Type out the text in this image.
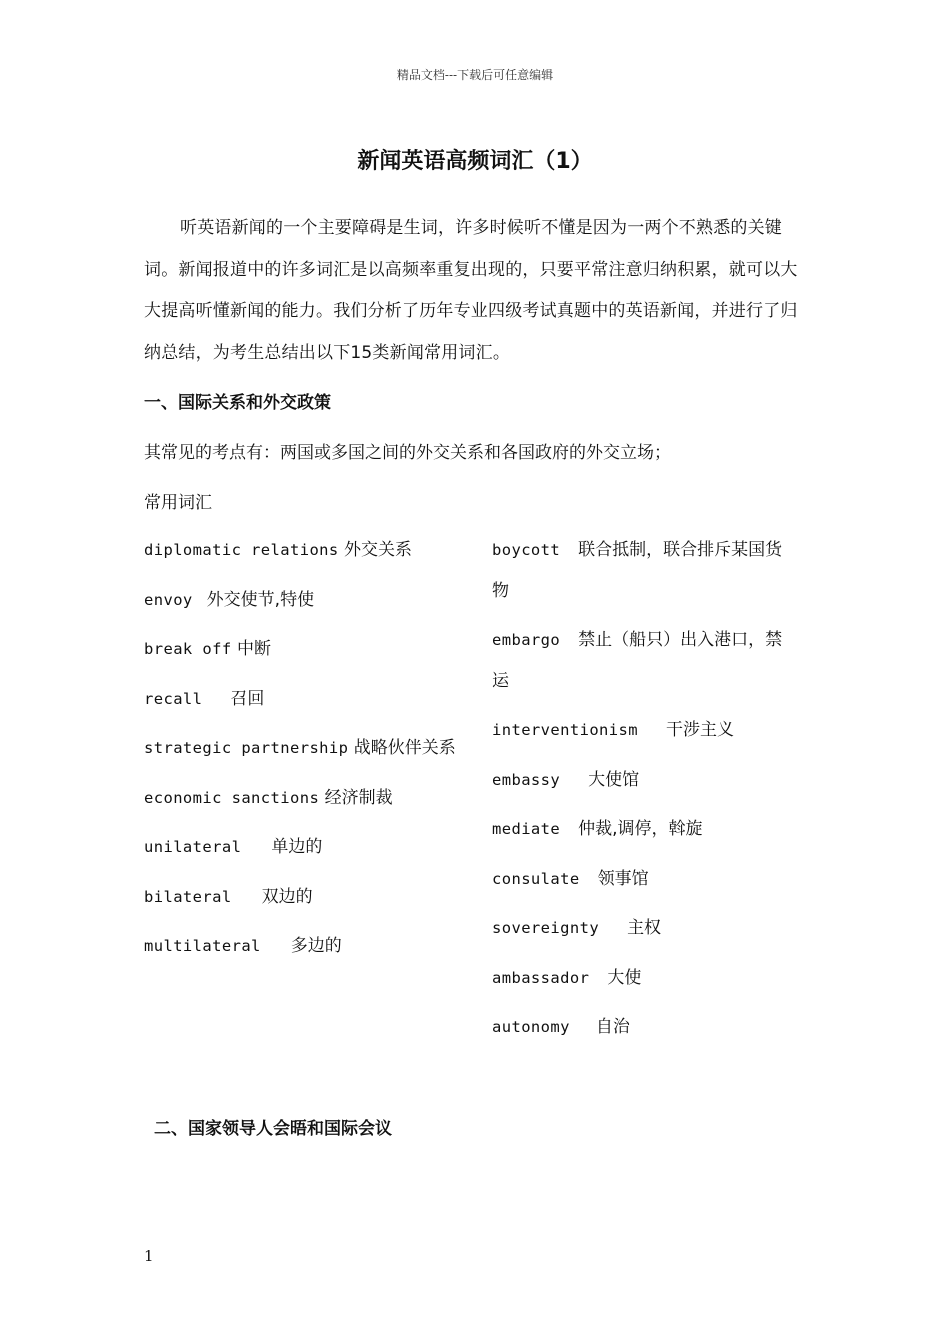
精品文档---下载后可任意编辑
新闻英语高频词汇（1）

听英语新闻的一个主要障碍是生词，许多时候听不懂是因为一两个不熟悉的关键词。新闻报道中的许多词汇是以高频率重复出现的，只要平常注意归纳积累，就可以大大提高听懂新闻的能力。我们分析了历年专业四级考试真题中的英语新闻，并进行了归纳总结，为考生总结出以下15类新闻常用词汇。

一、国际关系和外交政策

其常见的考点有：两国或多国之间的外交关系和各国政府的外交立场；

常用词汇

diplomatic relations 外交关系
envoy 外交使节,特使
break off 中断
recall 召回
strategic partnership 战略伙伴关系
economic sanctions 经济制裁
unilateral 单边的
bilateral 双边的
multilateral 多边的
boycott 联合抵制，联合排斥某国货物
embargo 禁止（船只）出入港口，禁运
interventionism 干涉主义
embassy 大使馆
mediate 仲裁,调停，斡旋
consulate 领事馆
sovereignty 主权
ambassador 大使
autonomy 自治
二、国家领导人会晤和国际会议
1
